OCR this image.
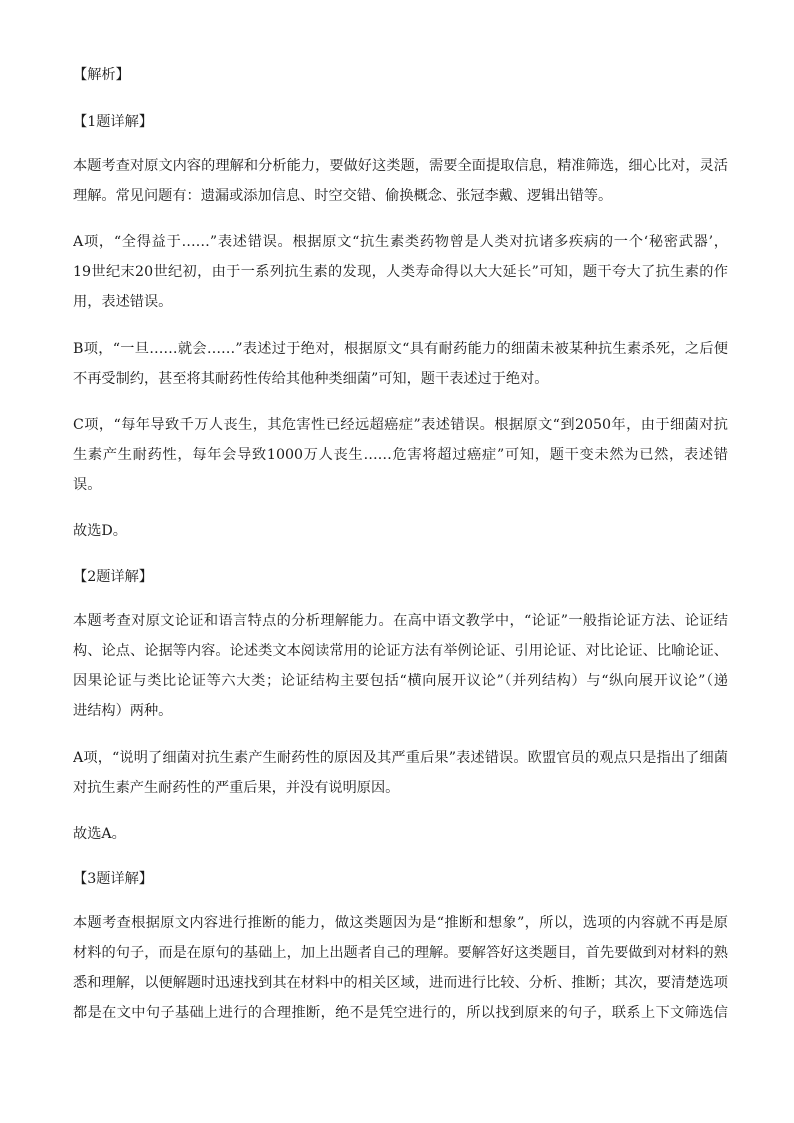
【解析】
【1题详解】
本题考查对原文内容的理解和分析能力，要做好这类题，需要全面提取信息，精准筛选，细心比对，灵活
理解。常见问题有：遗漏或添加信息、时空交错、偷换概念、张冠李戴、逻辑出错等。
A项，“全得益于……”表述错误。根据原文“抗生素类药物曾是人类对抗诸多疾病的一个‘秘密武器’，
19世纪末20世纪初，由于一系列抗生素的发现，人类寿命得以大大延长”可知，题干夸大了抗生素的作
用，表述错误。
B项，“一旦……就会……”表述过于绝对，根据原文“具有耐药能力的细菌未被某种抗生素杀死，之后便
不再受制约，甚至将其耐药性传给其他种类细菌”可知，题干表述过于绝对。
C项，“每年导致千万人丧生，其危害性已经远超癌症”表述错误。根据原文“到2050年，由于细菌对抗
生素产生耐药性，每年会导致1000万人丧生……危害将超过癌症”可知，题干变未然为已然，表述错
误。
故选D。
【2题详解】
本题考查对原文论证和语言特点的分析理解能力。在高中语文教学中，“论证”一般指论证方法、论证结
构、论点、论据等内容。论述类文本阅读常用的论证方法有举例论证、引用论证、对比论证、比喻论证、
因果论证与类比论证等六大类；论证结构主要包括“横向展开议论”（并列结构）与“纵向展开议论”（递
进结构）两种。
A项，“说明了细菌对抗生素产生耐药性的原因及其严重后果”表述错误。欧盟官员的观点只是指出了细菌
对抗生素产生耐药性的严重后果，并没有说明原因。
故选A。
【3题详解】
本题考查根据原文内容进行推断的能力，做这类题因为是“推断和想象”，所以，选项的内容就不再是原
材料的句子，而是在原句的基础上，加上出题者自己的理解。要解答好这类题目，首先要做到对材料的熟
悉和理解，以便解题时迅速找到其在材料中的相关区域，进而进行比较、分析、推断；其次，要清楚选项
都是在文中句子基础上进行的合理推断，绝不是凭空进行的，所以找到原来的句子，联系上下文筛选信
